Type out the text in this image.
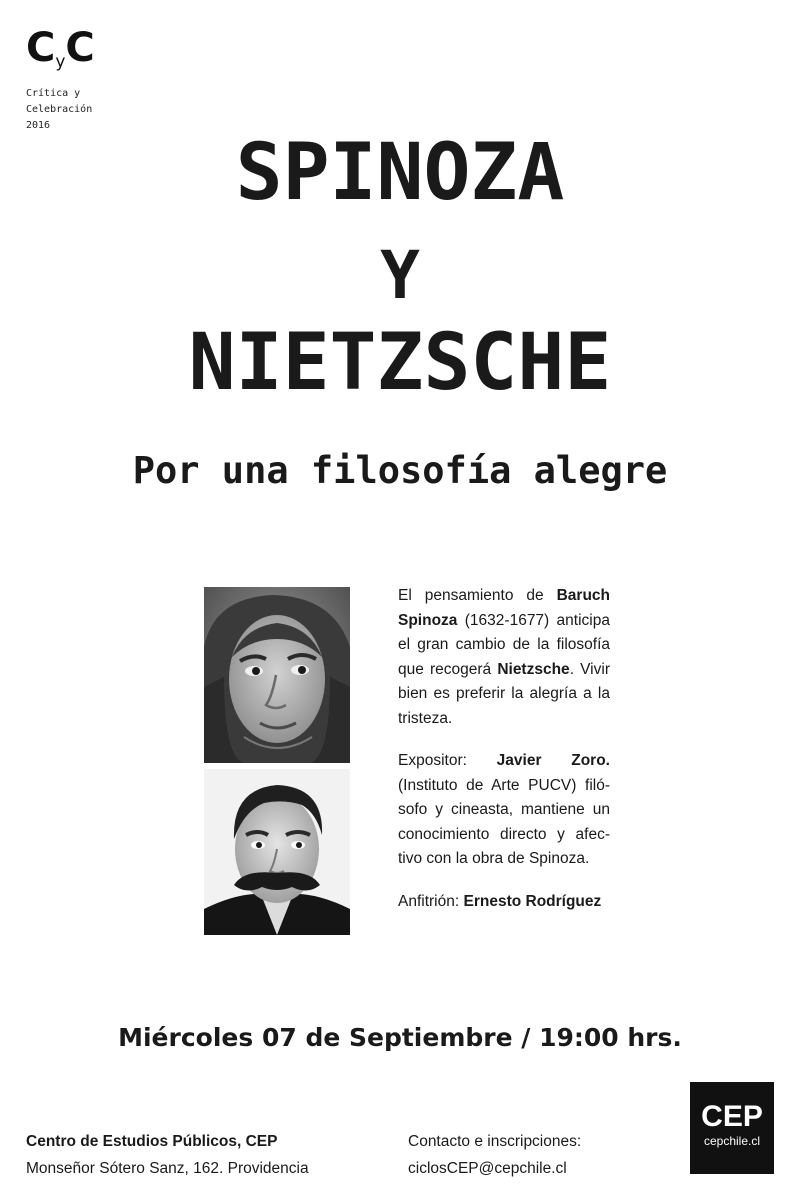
CyC
Crítica y
Celebración
2016
SPINOZA
Y
NIETZSCHE
Por una filosofía alegre

El pensamiento de Baruch Spinoza (1632-1677) anticipa el gran cambio de la filosofía que recogerá Nietzsche. Vivir bien es preferir la alegría a la tristeza.

Expositor: Javier Zoro. (Instituto de Arte PUCV) filó-sofo y cineasta, mantiene un conocimiento directo y afec-tivo con la obra de Spinoza.

Anfitrión: Ernesto Rodríguez

Miércoles 07 de Septiembre / 19:00 hrs.
Centro de Estudios Públicos, CEP
Monseñor Sótero Sanz, 162. Providencia
Contacto e inscripciones:
ciclosCEP@cepchile.cl
CEP
cepchile.cl
